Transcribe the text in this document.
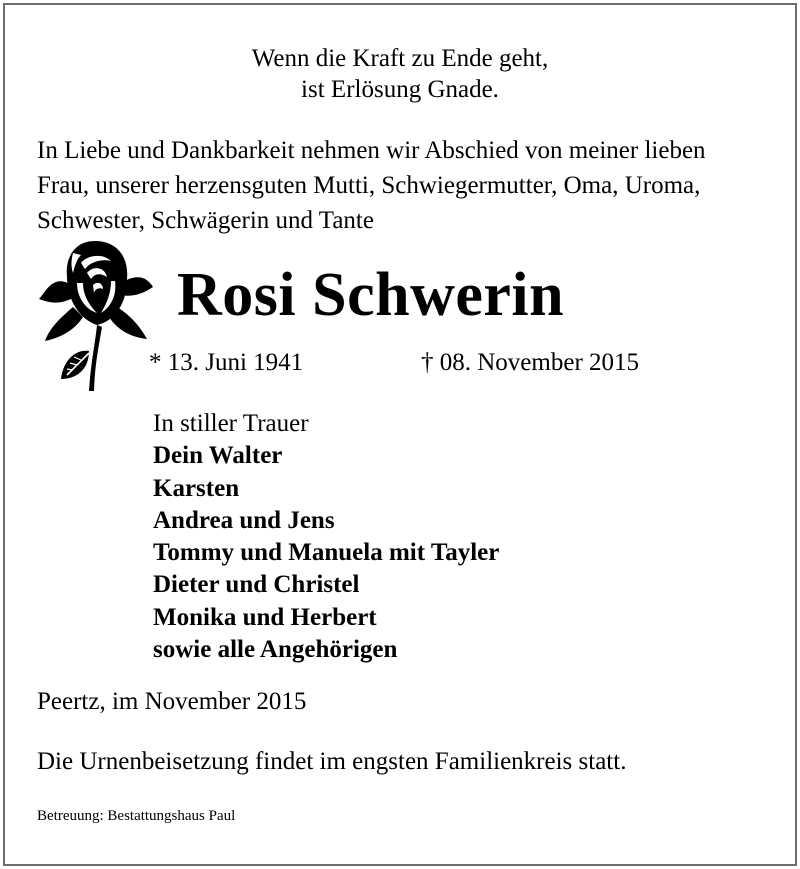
Wenn die Kraft zu Ende geht,
ist Erlösung Gnade.
In Liebe und Dankbarkeit nehmen wir Abschied von meiner lieben
Frau, unserer herzensguten Mutti, Schwiegermutter, Oma, Uroma,
Schwester, Schwägerin und Tante
Rosi Schwerin
* 13. Juni 1941	† 08. November 2015
In stiller Trauer
Dein Walter
Karsten
Andrea und Jens
Tommy und Manuela mit Tayler
Dieter und Christel
Monika und Herbert
sowie alle Angehörigen
Peertz, im November 2015
Die Urnenbeisetzung findet im engsten Familienkreis statt.
Betreuung: Bestattungshaus Paul
